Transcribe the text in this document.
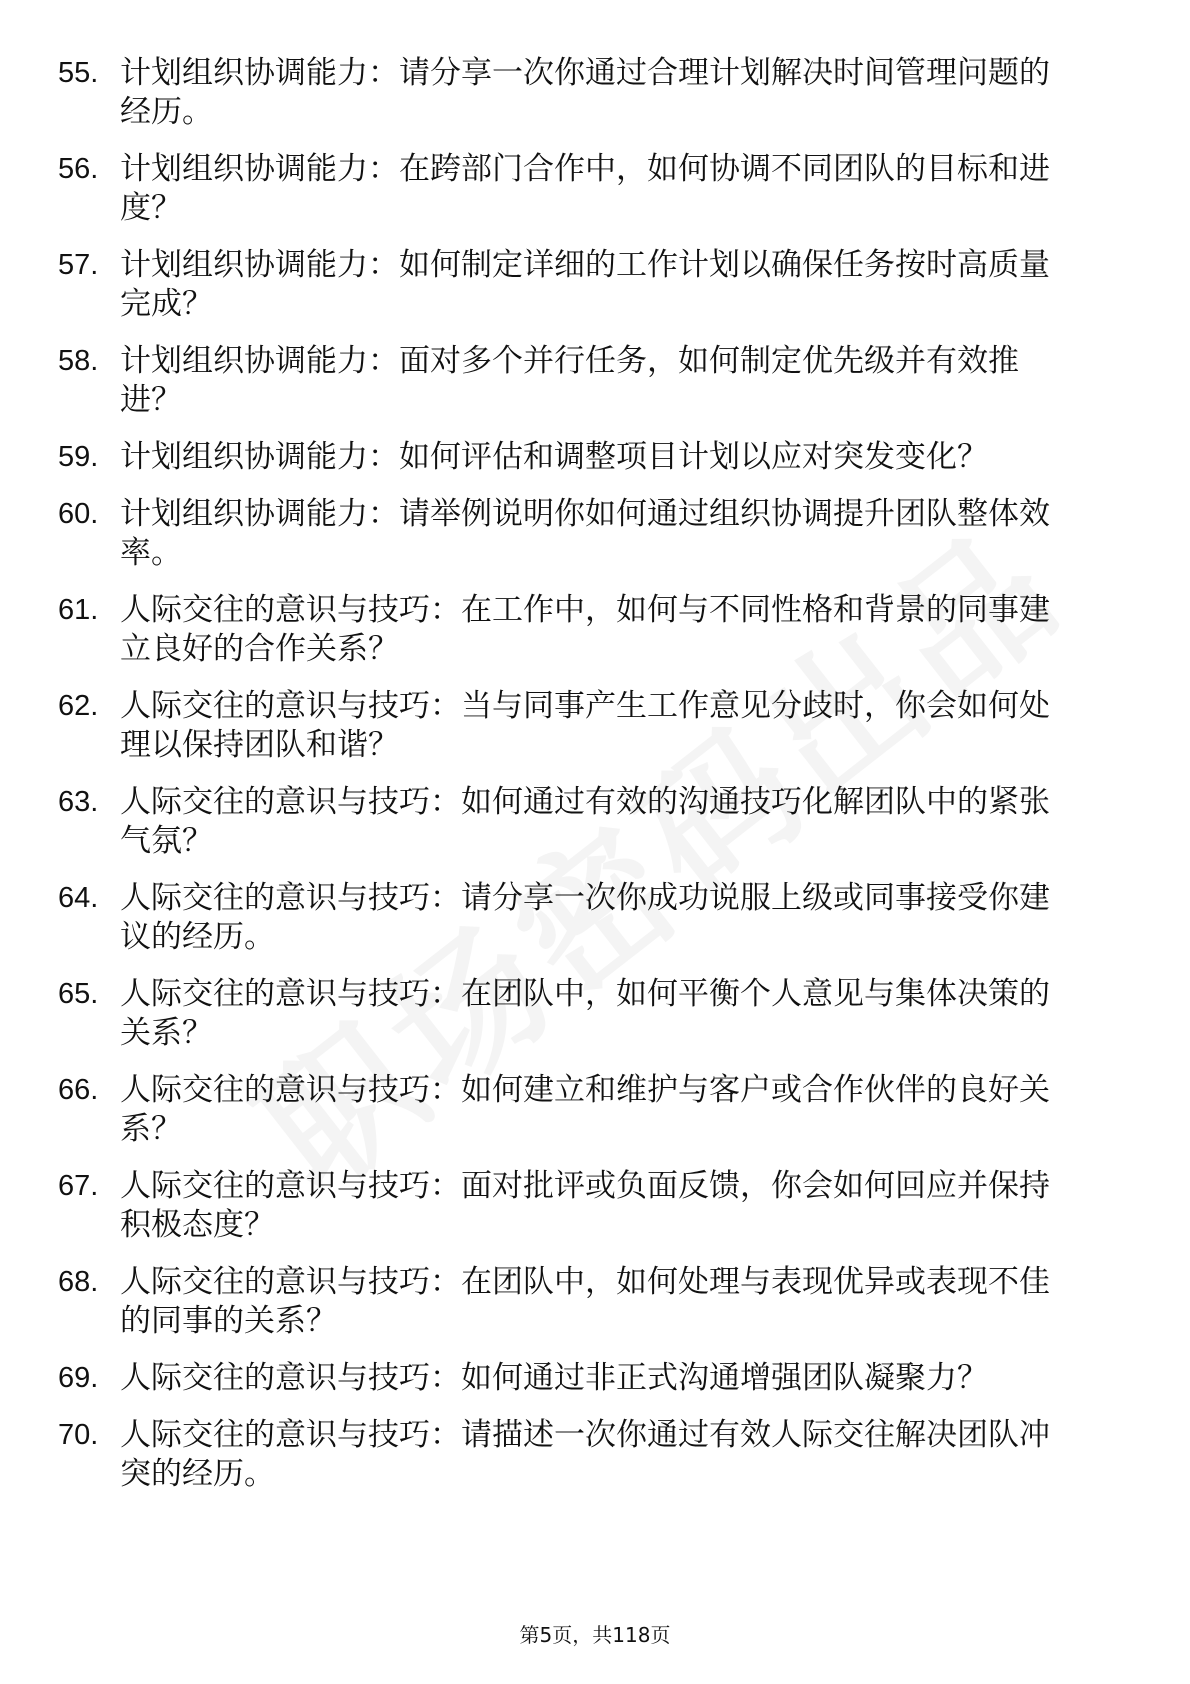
55. 计划组织协调能力：请分享一次你通过合理计划解决时间管理问题的经历。
56. 计划组织协调能力：在跨部门合作中，如何协调不同团队的目标和进度？
57. 计划组织协调能力：如何制定详细的工作计划以确保任务按时高质量完成？
58. 计划组织协调能力：面对多个并行任务，如何制定优先级并有效推进？
59. 计划组织协调能力：如何评估和调整项目计划以应对突发变化？
60. 计划组织协调能力：请举例说明你如何通过组织协调提升团队整体效率。
61. 人际交往的意识与技巧：在工作中，如何与不同性格和背景的同事建立良好的合作关系？
62. 人际交往的意识与技巧：当与同事产生工作意见分歧时，你会如何处理以保持团队和谐？
63. 人际交往的意识与技巧：如何通过有效的沟通技巧化解团队中的紧张气氛？
64. 人际交往的意识与技巧：请分享一次你成功说服上级或同事接受你建议的经历。
65. 人际交往的意识与技巧：在团队中，如何平衡个人意见与集体决策的关系？
66. 人际交往的意识与技巧：如何建立和维护与客户或合作伙伴的良好关系？
67. 人际交往的意识与技巧：面对批评或负面反馈，你会如何回应并保持积极态度？
68. 人际交往的意识与技巧：在团队中，如何处理与表现优异或表现不佳的同事的关系？
69. 人际交往的意识与技巧：如何通过非正式沟通增强团队凝聚力？
70. 人际交往的意识与技巧：请描述一次你通过有效人际交往解决团队冲突的经历。
第5页，共118页
